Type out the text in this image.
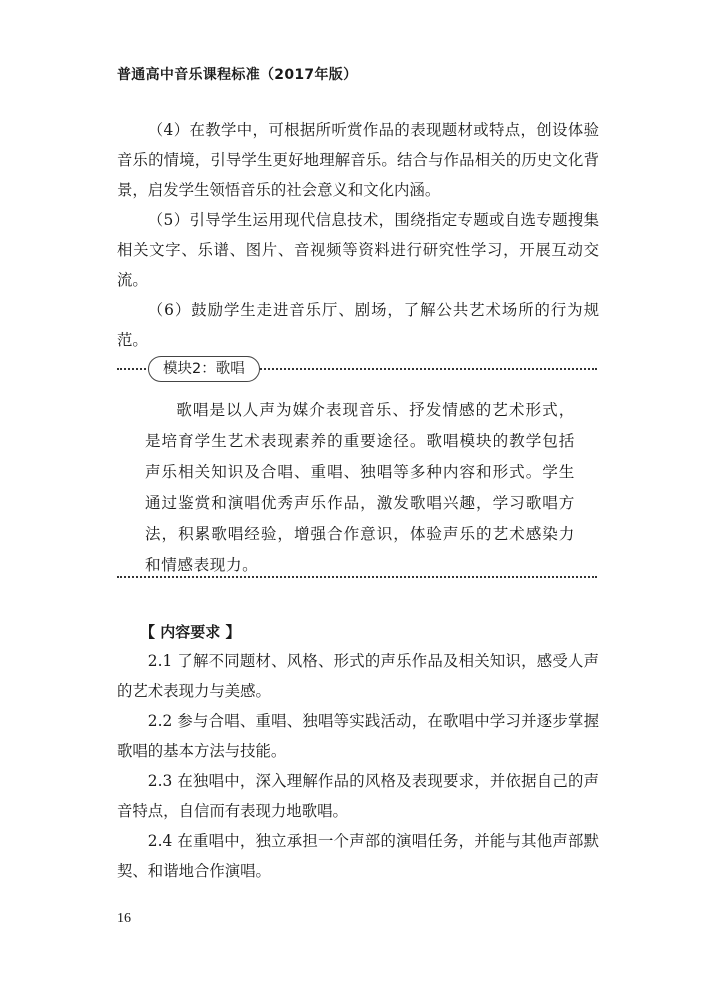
普通高中音乐课程标准（2017年版）

（4）在教学中，可根据所听赏作品的表现题材或特点，创设体验音乐的情境，引导学生更好地理解音乐。结合与作品相关的历史文化背景，启发学生领悟音乐的社会意义和文化内涵。

（5）引导学生运用现代信息技术，围绕指定专题或自选专题搜集相关文字、乐谱、图片、音视频等资料进行研究性学习，开展互动交流。

（6）鼓励学生走进音乐厅、剧场，了解公共艺术场所的行为规范。

模块2：歌唱
歌唱是以人声为媒介表现音乐、抒发情感的艺术形式，是培育学生艺术表现素养的重要途径。歌唱模块的教学包括声乐相关知识及合唱、重唱、独唱等多种内容和形式。学生通过鉴赏和演唱优秀声乐作品，激发歌唱兴趣，学习歌唱方法，积累歌唱经验，增强合作意识，体验声乐的艺术感染力和情感表现力。
【 内容要求 】

2.1 了解不同题材、风格、形式的声乐作品及相关知识，感受人声的艺术表现力与美感。

2.2 参与合唱、重唱、独唱等实践活动，在歌唱中学习并逐步掌握歌唱的基本方法与技能。

2.3 在独唱中，深入理解作品的风格及表现要求，并依据自己的声音特点，自信而有表现力地歌唱。

2.4 在重唱中，独立承担一个声部的演唱任务，并能与其他声部默契、和谐地合作演唱。

16
